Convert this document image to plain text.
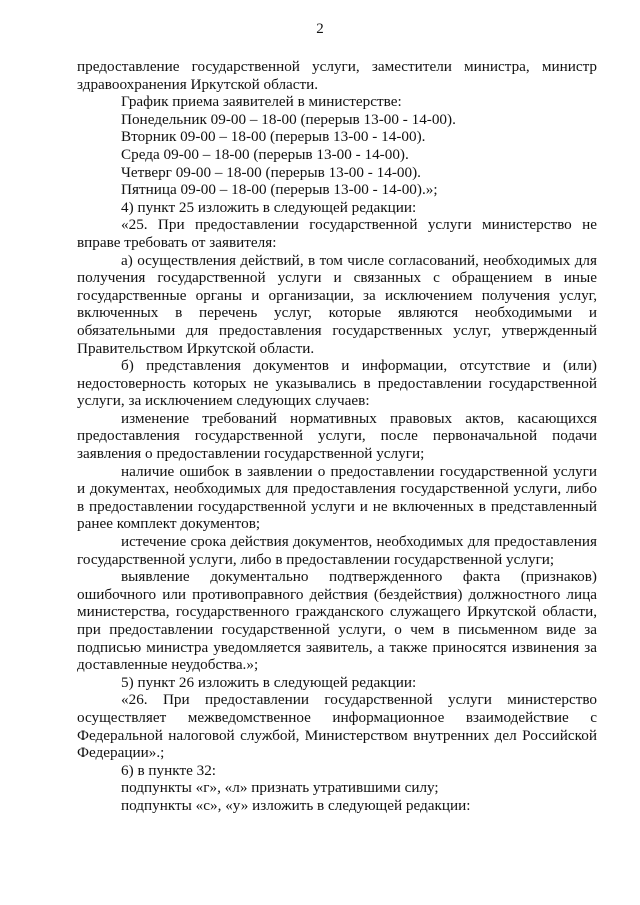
2

предоставление государственной услуги, заместители министра, министр здравоохранения Иркутской области.

График приема заявителей в министерстве:

Понедельник 09-00 – 18-00 (перерыв 13-00 - 14-00).

Вторник 09-00 – 18-00 (перерыв 13-00 - 14-00).

Среда 09-00 – 18-00 (перерыв 13-00 - 14-00).

Четверг 09-00 – 18-00 (перерыв 13-00 - 14-00).

Пятница 09-00 – 18-00 (перерыв 13-00 - 14-00).»;

4) пункт 25 изложить в следующей редакции:

«25. При предоставлении государственной услуги министерство не вправе требовать от заявителя:

а) осуществления действий, в том числе согласований, необходимых для получения государственной услуги и связанных с обращением в иные государственные органы и организации, за исключением получения услуг, включенных в перечень услуг, которые являются необходимыми и обязательными для предоставления государственных услуг, утвержденный Правительством Иркутской области.

б) представления документов и информации, отсутствие и (или) недостоверность которых не указывались в предоставлении государственной услуги, за исключением следующих случаев:

изменение требований нормативных правовых актов, касающихся предоставления государственной услуги, после первоначальной подачи заявления о предоставлении государственной услуги;

наличие ошибок в заявлении о предоставлении государственной услуги и документах, необходимых для предоставления государственной услуги, либо в предоставлении государственной услуги и не включенных в представленный ранее комплект документов;

истечение срока действия документов, необходимых для предоставления государственной услуги, либо в предоставлении государственной услуги;

выявление документально подтвержденного факта (признаков) ошибочного или противоправного действия (бездействия) должностного лица министерства, государственного гражданского служащего Иркутской области, при предоставлении государственной услуги, о чем в письменном виде за подписью министра уведомляется заявитель, а также приносятся извинения за доставленные неудобства.»;

5) пункт 26 изложить в следующей редакции:

«26. При предоставлении государственной услуги министерство осуществляет межведомственное информационное взаимодействие с Федеральной налоговой службой, Министерством внутренних дел Российской Федерации».;

6) в пункте 32:

подпункты «г», «л» признать утратившими силу;

подпункты «с», «у» изложить в следующей редакции:
